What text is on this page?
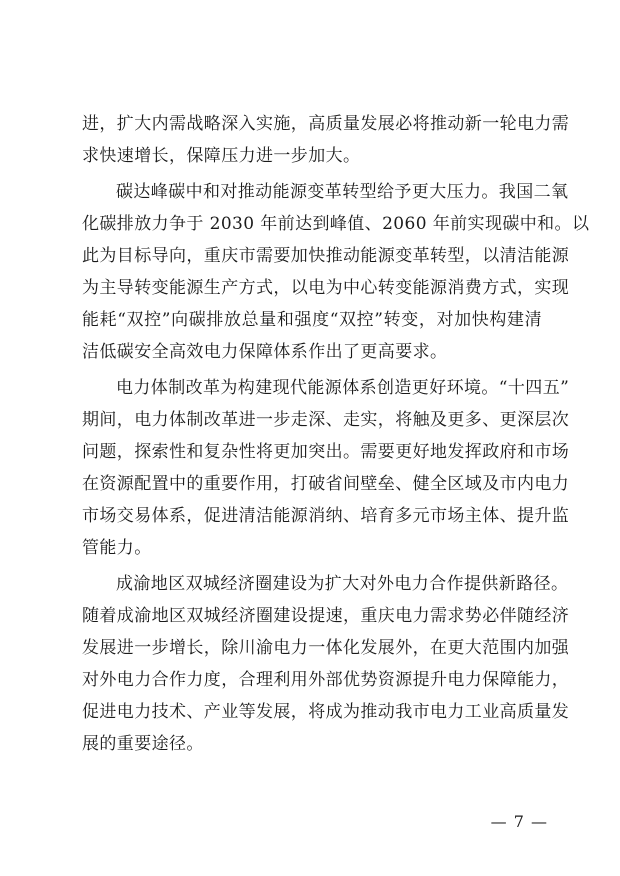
进，扩大内需战略深入实施，高质量发展必将推动新一轮电力需
求快速增长，保障压力进一步加大。

碳达峰碳中和对推动能源变革转型给予更大压力。我国二氧
化碳排放力争于 2030 年前达到峰值、2060 年前实现碳中和。以
此为目标导向，重庆市需要加快推动能源变革转型，以清洁能源
为主导转变能源生产方式，以电为中心转变能源消费方式，实现
能耗“双控”向碳排放总量和强度“双控”转变，对加快构建清
洁低碳安全高效电力保障体系作出了更高要求。

电力体制改革为构建现代能源体系创造更好环境。“十四五”
期间，电力体制改革进一步走深、走实，将触及更多、更深层次
问题，探索性和复杂性将更加突出。需要更好地发挥政府和市场
在资源配置中的重要作用，打破省间壁垒、健全区域及市内电力
市场交易体系，促进清洁能源消纳、培育多元市场主体、提升监
管能力。

成渝地区双城经济圈建设为扩大对外电力合作提供新路径。
随着成渝地区双城经济圈建设提速，重庆电力需求势必伴随经济
发展进一步增长，除川渝电力一体化发展外，在更大范围内加强
对外电力合作力度，合理利用外部优势资源提升电力保障能力，
促进电力技术、产业等发展，将成为推动我市电力工业高质量发
展的重要途径。

— 7 —
